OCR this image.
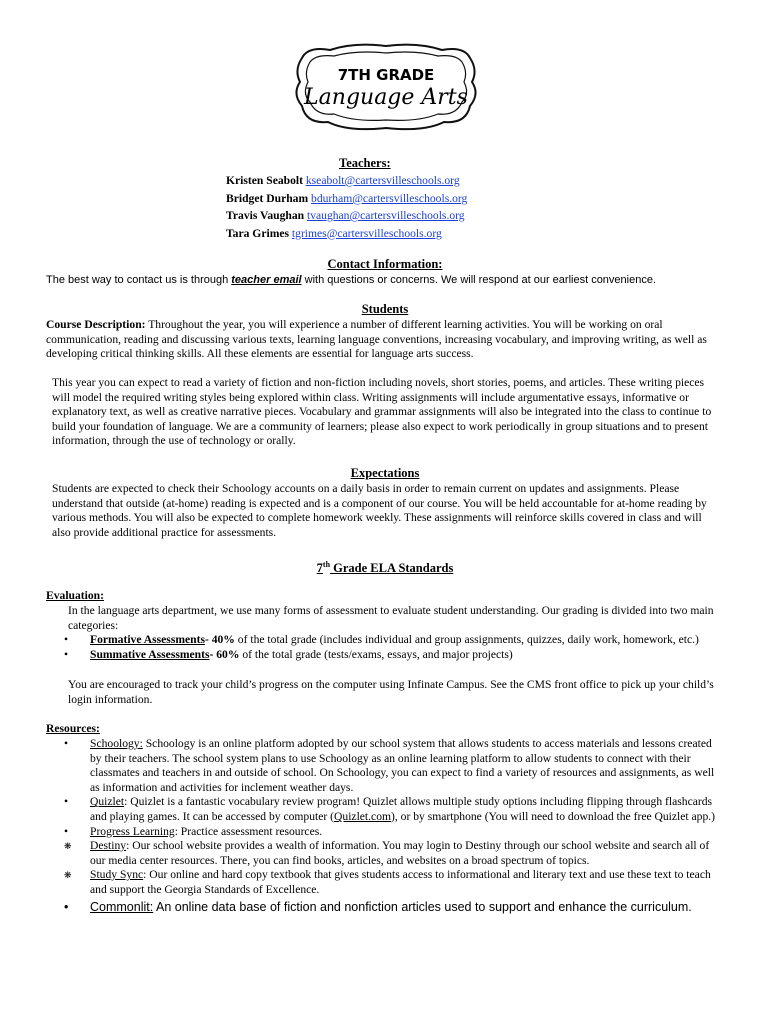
7TH GRADE
Language Arts
Teachers:
Kristen Seabolt kseabolt@cartersvilleschools.org
Bridget Durham bdurham@cartersvilleschools.org
Travis Vaughan tvaughan@cartersvilleschools.org
Tara Grimes tgrimes@cartersvilleschools.org
Contact Information:
The best way to contact us is through teacher email with questions or concerns. We will respond at our earliest convenience.
Students
Course Description: Throughout the year, you will experience a number of different learning activities. You will be working on oral communication, reading and discussing various texts, learning language conventions, increasing vocabulary, and improving writing, as well as developing critical thinking skills. All these elements are essential for language arts success.
This year you can expect to read a variety of fiction and non-fiction including novels, short stories, poems, and articles. These writing pieces will model the required writing styles being explored within class. Writing assignments will include argumentative essays, informative or explanatory text, as well as creative narrative pieces. Vocabulary and grammar assignments will also be integrated into the class to continue to build your foundation of language. We are a community of learners; please also expect to work periodically in group situations and to present information, through the use of technology or orally.
Expectations
Students are expected to check their Schoology accounts on a daily basis in order to remain current on updates and assignments. Please understand that outside (at-home) reading is expected and is a component of our course. You will be held accountable for at-home reading by various methods. You will also be expected to complete homework weekly. These assignments will reinforce skills covered in class and will also provide additional practice for assessments.
7th Grade ELA Standards
Evaluation:
In the language arts department, we use many forms of assessment to evaluate student understanding. Our grading is divided into two main categories:
• Formative Assessments- 40% of the total grade (includes individual and group assignments, quizzes, daily work, homework, etc.)
• Summative Assessments- 60% of the total grade (tests/exams, essays, and major projects)
You are encouraged to track your child’s progress on the computer using Infinate Campus. See the CMS front office to pick up your child’s login information.
Resources:
• Schoology: Schoology is an online platform adopted by our school system that allows students to access materials and lessons created by their teachers. The school system plans to use Schoology as an online learning platform to allow students to connect with their classmates and teachers in and outside of school. On Schoology, you can expect to find a variety of resources and assignments, as well as information and activities for inclement weather days.
• Quizlet: Quizlet is a fantastic vocabulary review program! Quizlet allows multiple study options including flipping through flashcards and playing games. It can be accessed by computer (Quizlet.com), or by smartphone (You will need to download the free Quizlet app.)
• Progress Learning: Practice assessment resources.
❋ Destiny: Our school website provides a wealth of information. You may login to Destiny through our school website and search all of our media center resources. There, you can find books, articles, and websites on a broad spectrum of topics.
❋ Study Sync: Our online and hard copy textbook that gives students access to informational and literary text and use these text to teach and support the Georgia Standards of Excellence.
• Commonlit: An online data base of fiction and nonfiction articles used to support and enhance the curriculum.
